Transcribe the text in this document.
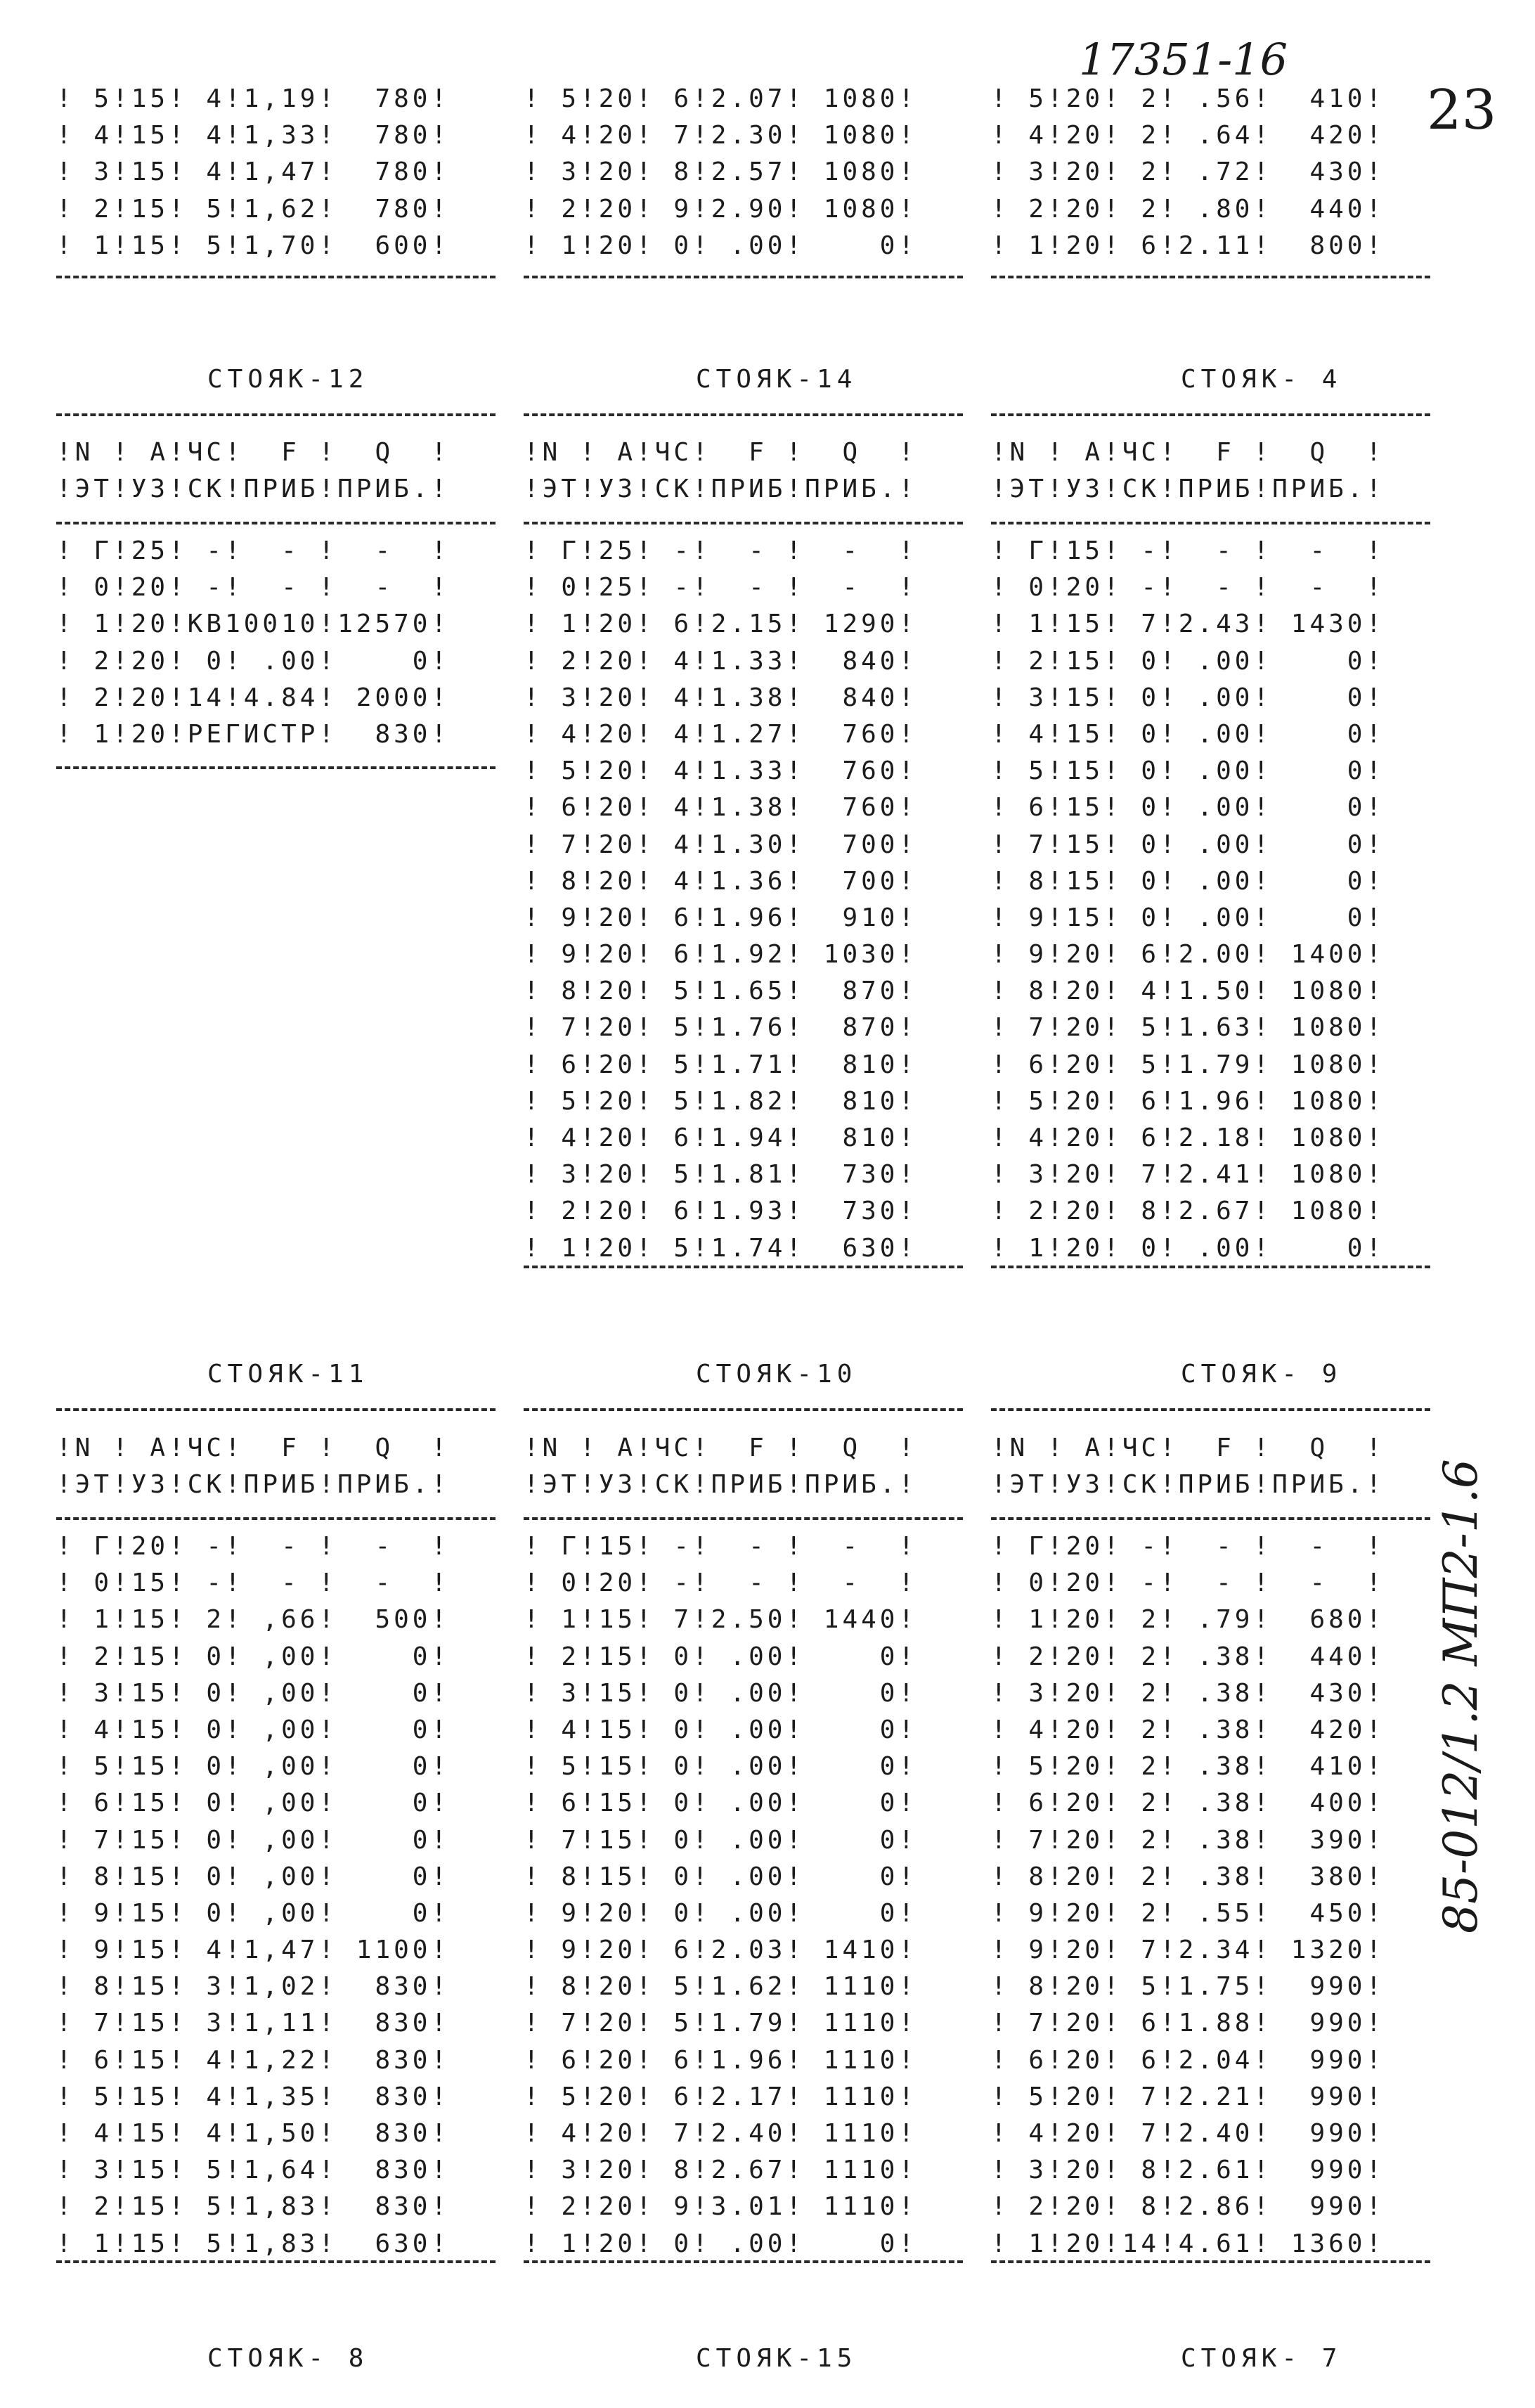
17351-16
23
85-012/1.2 МП2-1.6
! 5!15! 4!1,19!  780!
! 4!15! 4!1,33!  780!
! 3!15! 4!1,47!  780!
! 2!15! 5!1,62!  780!
! 1!15! 5!1,70!  600!
! 5!20! 6!2.07! 1080!
! 4!20! 7!2.30! 1080!
! 3!20! 8!2.57! 1080!
! 2!20! 9!2.90! 1080!
! 1!20! 0! .00!    0!
! 5!20! 2! .56!  410!
! 4!20! 2! .64!  420!
! 3!20! 2! .72!  430!
! 2!20! 2! .80!  440!
! 1!20! 6!2.11!  800!
СТОЯК-12	СТОЯК-14	СТОЯК- 4
!N ! A!ЧС!  F !  Q  !
!ЭТ!УЗ!СК!ПРИБ!ПРИБ.!
!N ! A!ЧС!  F !  Q  !
!ЭТ!УЗ!СК!ПРИБ!ПРИБ.!
!N ! A!ЧС!  F !  Q  !
!ЭТ!УЗ!СК!ПРИБ!ПРИБ.!
! Г!25! -!  - !  -  !
! 0!20! -!  - !  -  !
! 1!20!КВ10010!12570!
! 2!20! 0! .00!    0!
! 2!20!14!4.84! 2000!
! 1!20!РЕГИСТР!  830!
! Г!25! -!  - !  -  !
! 0!25! -!  - !  -  !
! 1!20! 6!2.15! 1290!
! 2!20! 4!1.33!  840!
! 3!20! 4!1.38!  840!
! 4!20! 4!1.27!  760!
! 5!20! 4!1.33!  760!
! 6!20! 4!1.38!  760!
! 7!20! 4!1.30!  700!
! 8!20! 4!1.36!  700!
! 9!20! 6!1.96!  910!
! 9!20! 6!1.92! 1030!
! 8!20! 5!1.65!  870!
! 7!20! 5!1.76!  870!
! 6!20! 5!1.71!  810!
! 5!20! 5!1.82!  810!
! 4!20! 6!1.94!  810!
! 3!20! 5!1.81!  730!
! 2!20! 6!1.93!  730!
! 1!20! 5!1.74!  630!
! Г!15! -!  - !  -  !
! 0!20! -!  - !  -  !
! 1!15! 7!2.43! 1430!
! 2!15! 0! .00!    0!
! 3!15! 0! .00!    0!
! 4!15! 0! .00!    0!
! 5!15! 0! .00!    0!
! 6!15! 0! .00!    0!
! 7!15! 0! .00!    0!
! 8!15! 0! .00!    0!
! 9!15! 0! .00!    0!
! 9!20! 6!2.00! 1400!
! 8!20! 4!1.50! 1080!
! 7!20! 5!1.63! 1080!
! 6!20! 5!1.79! 1080!
! 5!20! 6!1.96! 1080!
! 4!20! 6!2.18! 1080!
! 3!20! 7!2.41! 1080!
! 2!20! 8!2.67! 1080!
! 1!20! 0! .00!    0!
СТОЯК-11	СТОЯК-10	СТОЯК- 9
!N ! A!ЧС!  F !  Q  !
!ЭТ!УЗ!СК!ПРИБ!ПРИБ.!
!N ! A!ЧС!  F !  Q  !
!ЭТ!УЗ!СК!ПРИБ!ПРИБ.!
!N ! A!ЧС!  F !  Q  !
!ЭТ!УЗ!СК!ПРИБ!ПРИБ.!
! Г!20! -!  - !  -  !
! 0!15! -!  - !  -  !
! 1!15! 2! ,66!  500!
! 2!15! 0! ,00!    0!
! 3!15! 0! ,00!    0!
! 4!15! 0! ,00!    0!
! 5!15! 0! ,00!    0!
! 6!15! 0! ,00!    0!
! 7!15! 0! ,00!    0!
! 8!15! 0! ,00!    0!
! 9!15! 0! ,00!    0!
! 9!15! 4!1,47! 1100!
! 8!15! 3!1,02!  830!
! 7!15! 3!1,11!  830!
! 6!15! 4!1,22!  830!
! 5!15! 4!1,35!  830!
! 4!15! 4!1,50!  830!
! 3!15! 5!1,64!  830!
! 2!15! 5!1,83!  830!
! 1!15! 5!1,83!  630!
! Г!15! -!  - !  -  !
! 0!20! -!  - !  -  !
! 1!15! 7!2.50! 1440!
! 2!15! 0! .00!    0!
! 3!15! 0! .00!    0!
! 4!15! 0! .00!    0!
! 5!15! 0! .00!    0!
! 6!15! 0! .00!    0!
! 7!15! 0! .00!    0!
! 8!15! 0! .00!    0!
! 9!20! 0! .00!    0!
! 9!20! 6!2.03! 1410!
! 8!20! 5!1.62! 1110!
! 7!20! 5!1.79! 1110!
! 6!20! 6!1.96! 1110!
! 5!20! 6!2.17! 1110!
! 4!20! 7!2.40! 1110!
! 3!20! 8!2.67! 1110!
! 2!20! 9!3.01! 1110!
! 1!20! 0! .00!    0!
! Г!20! -!  - !  -  !
! 0!20! -!  - !  -  !
! 1!20! 2! .79!  680!
! 2!20! 2! .38!  440!
! 3!20! 2! .38!  430!
! 4!20! 2! .38!  420!
! 5!20! 2! .38!  410!
! 6!20! 2! .38!  400!
! 7!20! 2! .38!  390!
! 8!20! 2! .38!  380!
! 9!20! 2! .55!  450!
! 9!20! 7!2.34! 1320!
! 8!20! 5!1.75!  990!
! 7!20! 6!1.88!  990!
! 6!20! 6!2.04!  990!
! 5!20! 7!2.21!  990!
! 4!20! 7!2.40!  990!
! 3!20! 8!2.61!  990!
! 2!20! 8!2.86!  990!
! 1!20!14!4.61! 1360!
СТОЯК- 8	СТОЯК-15	СТОЯК- 7
